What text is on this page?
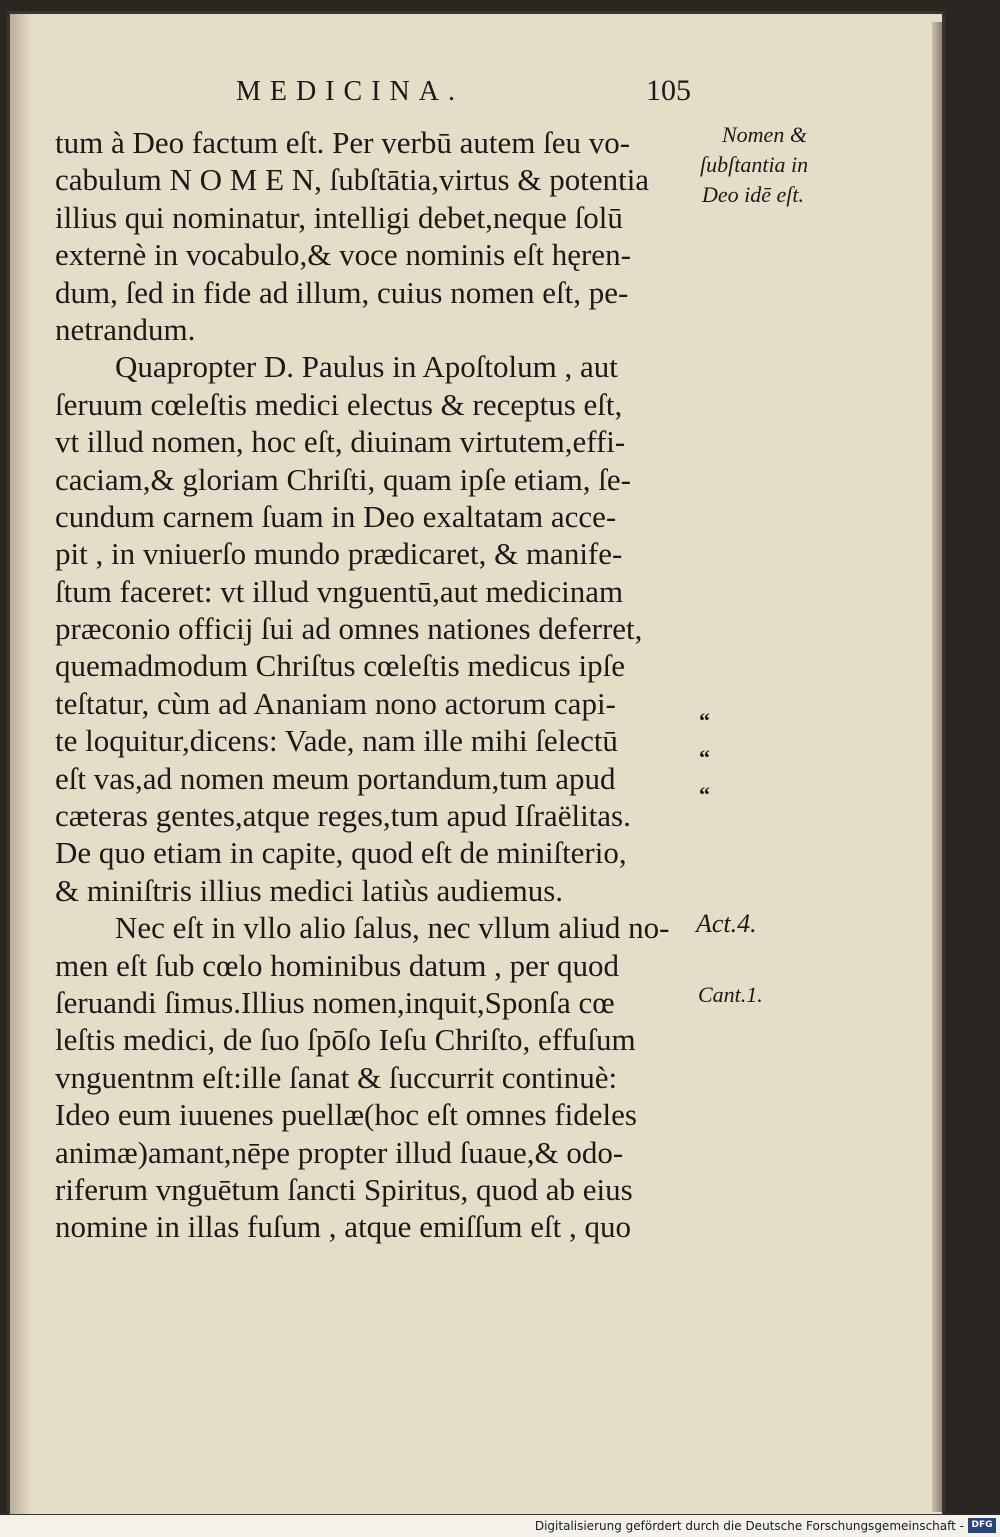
MEDICINA.	105
tum à Deo factum eſt. Per verbū autem ſeu vo-
cabulum N O M E N, ſubſtātia,virtus & potentia
illius qui nominatur, intelligi debet,neque ſolū
externè in vocabulo,& voce nominis eſt hęren-
dum, ſed in fide ad illum, cuius nomen eſt, pe-
netrandum.
Quapropter D. Paulus in Apoſtolum , aut
ſeruum cœleſtis medici electus & receptus eſt,
vt illud nomen, hoc eſt, diuinam virtutem,effi-
caciam,& gloriam Chriſti, quam ipſe etiam, ſe-
cundum carnem ſuam in Deo exaltatam acce-
pit , in vniuerſo mundo prædicaret, & manife-
ſtum faceret: vt illud vnguentū,aut medicinam
præconio officij ſui ad omnes nationes deferret,
quemadmodum Chriſtus cœleſtis medicus ipſe
teſtatur, cùm ad Ananiam nono actorum capi-
te loquitur,dicens: Vade, nam ille mihi ſelectū
eſt vas,ad nomen meum portandum,tum apud
cæteras gentes,atque reges,tum apud Iſraëlitas.
De quo etiam in capite, quod eſt de miniſterio,
& miniſtris illius medici latiùs audiemus.
Nec eſt in vllo alio ſalus, nec vllum aliud no-
men eſt ſub cœlo hominibus datum , per quod
ſeruandi ſimus.Illius nomen,inquit,Sponſa cœ
leſtis medici, de ſuo ſpōſo Ieſu Chriſto, effuſum
vnguentnm eſt:ille ſanat & ſuccurrit continuè:
Ideo eum iuuenes puellæ(hoc eſt omnes fideles
animæ)amant,nēpe propter illud ſuaue,& odo-
riferum vnguētum ſancti Spiritus, quod ab eius
nomine in illas fuſum , atque emiſſum eſt , quo
Nomen &
ſubſtantia in
Deo idē eſt.
Act.4.
Cant.1.
“
“
“
Digitalisierung gefördert durch die Deutsche Forschungsgemeinschaft - DFG
